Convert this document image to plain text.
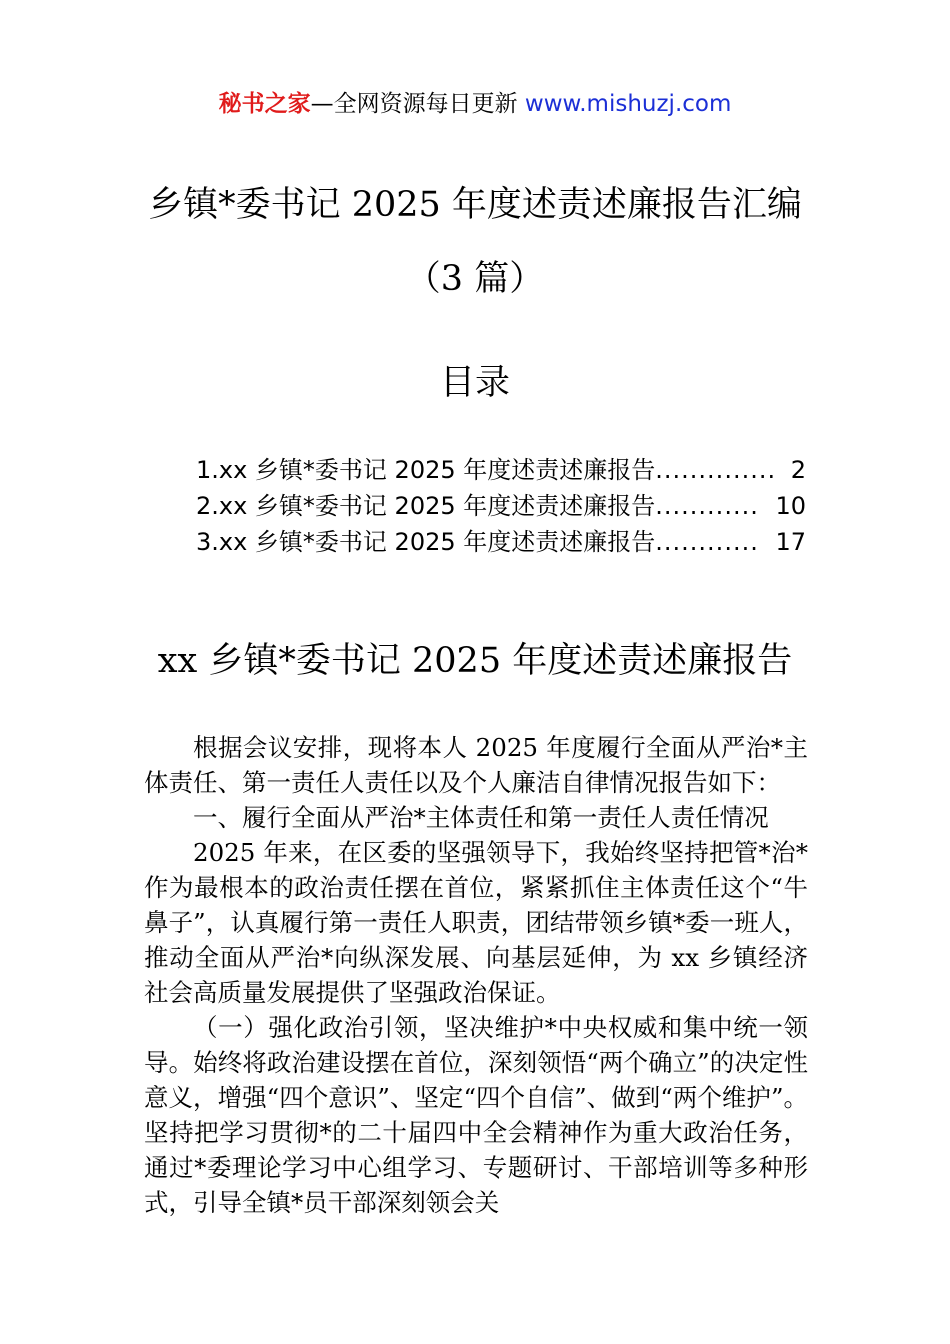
秘书之家—全网资源每日更新 www.mishuzj.com
乡镇*委书记 2025 年度述责述廉报告汇编
（3 篇）
目录
1.xx 乡镇*委书记 2025 年度述责述廉报告 .............. 2
2.xx 乡镇*委书记 2025 年度述责述廉报告 ............ 10
3.xx 乡镇*委书记 2025 年度述责述廉报告 ............ 17
xx 乡镇*委书记 2025 年度述责述廉报告

根据会议安排，现将本人 2025 年度履行全面从严治*主体责任、第一责任人责任以及个人廉洁自律情况报告如下：

一、履行全面从严治*主体责任和第一责任人责任情况

2025 年来，在区委的坚强领导下，我始终坚持把管*治*作为最根本的政治责任摆在首位，紧紧抓住主体责任这个“牛鼻子”，认真履行第一责任人职责，团结带领乡镇*委一班人，推动全面从严治*向纵深发展、向基层延伸，为 xx 乡镇经济社会高质量发展提供了坚强政治保证。

（一）强化政治引领，坚决维护*中央权威和集中统一领导。始终将政治建设摆在首位，深刻领悟“两个确立”的决定性意义，增强“四个意识”、坚定“四个自信”、做到“两个维护”。坚持把学习贯彻*的二十届四中全会精神作为重大政治任务，通过*委理论学习中心组学习、专题研讨、干部培训等多种形式，引导全镇*员干部深刻领会关
